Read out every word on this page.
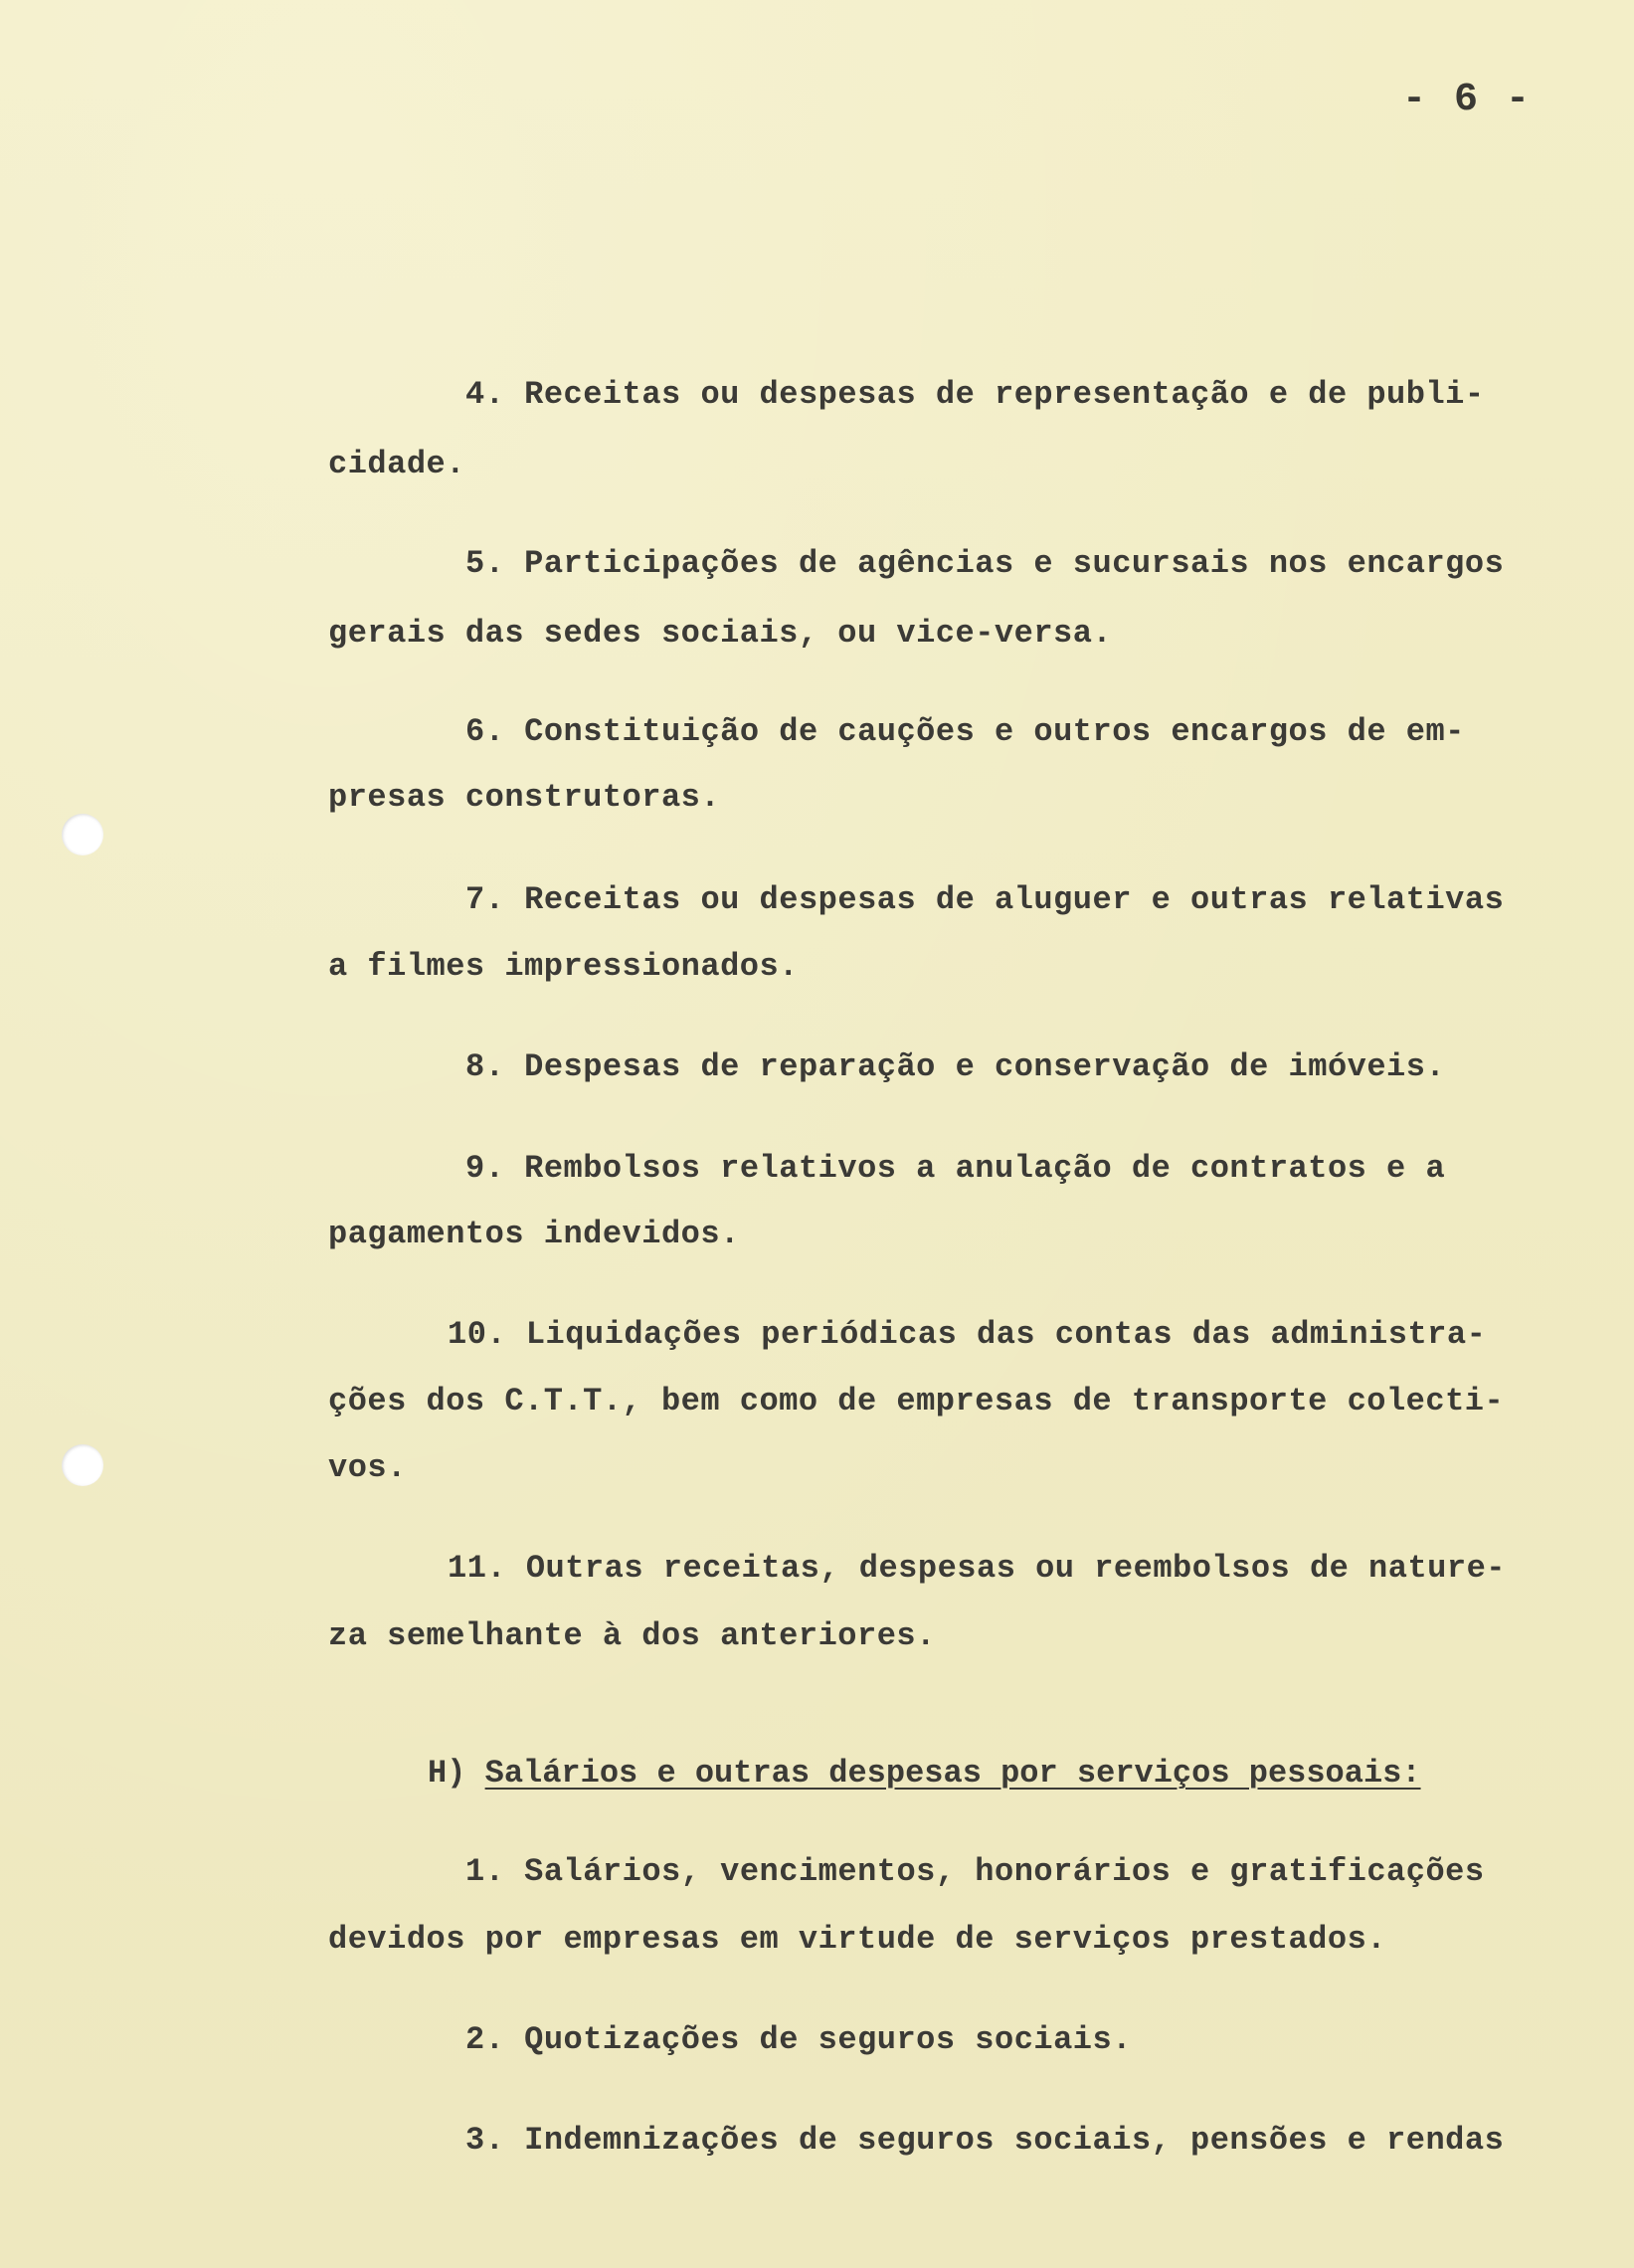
- 6 -
4. Receitas ou despesas de representação e de publi-
cidade.
5. Participações de agências e sucursais nos encargos
gerais das sedes sociais, ou vice-versa.
6. Constituição de cauções e outros encargos de em-
presas construtoras.
7. Receitas ou despesas de aluguer e outras relativas
a filmes impressionados.
8. Despesas de reparação e conservação de imóveis.
9. Rembolsos relativos a anulação de contratos e a
pagamentos indevidos.
10. Liquidações periódicas das contas das administra-
ções dos C.T.T., bem como de empresas de transporte colecti-
vos.
11. Outras receitas, despesas ou reembolsos de nature-
za semelhante à dos anteriores.
H) Salários e outras despesas por serviços pessoais:
1. Salários, vencimentos, honorários e gratificações
devidos por empresas em virtude de serviços prestados.
2. Quotizações de seguros sociais.
3. Indemnizações de seguros sociais, pensões e rendas
